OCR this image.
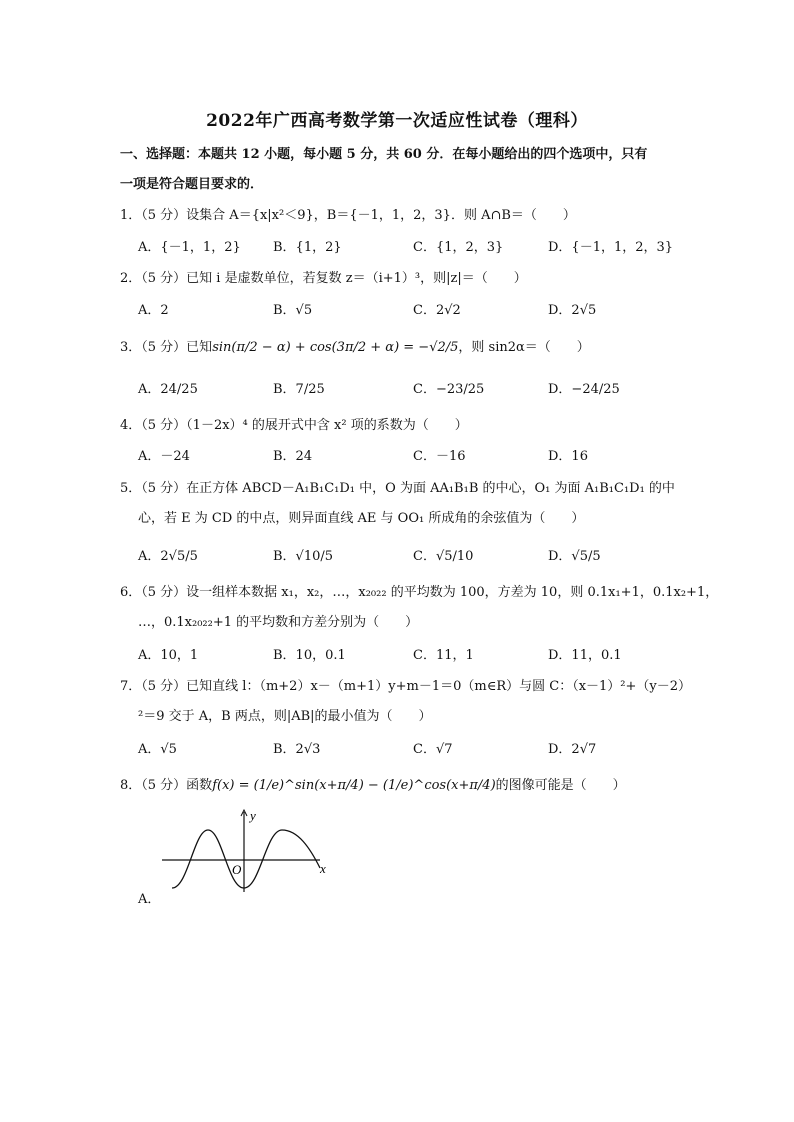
2022年广西高考数学第一次适应性试卷（理科）
一、选择题：本题共 12 小题，每小题 5 分，共 60 分．在每小题给出的四个选项中，只有
一项是符合题目要求的．
1．（5 分）设集合 A＝{x|x²＜9}，B＝{－1，1，2，3}．则 A∩B＝（　　）
A．{－1，1，2} B．{1，2}	C．{1，2，3}	D．{－1，1，2，3}
2．（5 分）已知 i 是虚数单位，若复数 z＝（i+1）³，则|z|＝（　　）
A．2	B．√5	C．2√2	D．2√5
3．（5 分）已知sin(π/2 − α) + cos(3π/2 + α) = −√2/5，则 sin2α＝（　　）
A．24/25	B．7/25	C．−23/25	D．−24/25
4．（5 分）（1－2x）⁴ 的展开式中含 x² 项的系数为（　　）
A．－24	B．24	C．－16	D．16
5．（5 分）在正方体 ABCD－A₁B₁C₁D₁ 中，O 为面 AA₁B₁B 的中心，O₁ 为面 A₁B₁C₁D₁ 的中
心，若 E 为 CD 的中点，则异面直线 AE 与 OO₁ 所成角的余弦值为（　　）
A．2√5/5	B．√10/5	C．√5/10	D．√5/5
6．（5 分）设一组样本数据 x₁，x₂，…，x₂₀₂₂ 的平均数为 100，方差为 10，则 0.1x₁+1，0.1x₂+1，
…，0.1x₂₀₂₂+1 的平均数和方差分别为（　　）
A．10，1	B．10，0.1	C．11，1	D．11，0.1
7．（5 分）已知直线 l：（m+2）x－（m+1）y+m－1＝0（m∈R）与圆 C：（x－1）²+（y－2）
²＝9 交于 A，B 两点，则|AB|的最小值为（　　）
A．√5	B．2√3	C．√7	D．2√7
8．（5 分）函数f(x) = (1/e)^sin(x+π/4) − (1/e)^cos(x+π/4)的图像可能是（　　）
x
y
O
A．
